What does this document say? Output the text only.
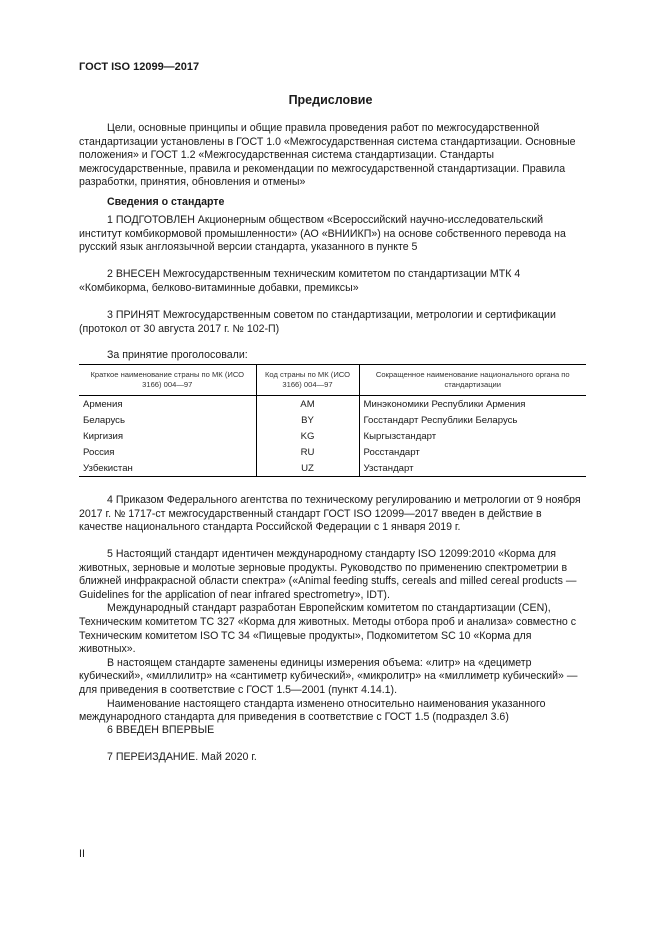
ГОСТ ISO 12099—2017
Предисловие

Цели, основные принципы и общие правила проведения работ по межгосударственной стандартизации установлены в ГОСТ 1.0 «Межгосударственная система стандартизации. Основные положения» и ГОСТ 1.2 «Межгосударственная система стандартизации. Стандарты межгосударственные, правила и рекомендации по межгосударственной стандартизации. Правила разработки, принятия, обновления и отмены»

Сведения о стандарте

1 ПОДГОТОВЛЕН Акционерным обществом «Всероссийский научно-исследовательский институт комбикормовой промышленности» (АО «ВНИИКП») на основе собственного перевода на русский язык англоязычной версии стандарта, указанного в пункте 5

2 ВНЕСЕН Межгосударственным техническим комитетом по стандартизации МТК 4 «Комбикорма, белково-витаминные добавки, премиксы»

3 ПРИНЯТ Межгосударственным советом по стандартизации, метрологии и сертификации (протокол от 30 августа 2017 г. № 102-П)

За принятие проголосовали:

Краткое наименование страны по МК (ИСО 3166) 004—97	Код страны по МК (ИСО 3166) 004—97	Сокращенное наименование национального органа по стандартизации
Армения	AM	Минэкономики Республики Армения
Беларусь	BY	Госстандарт Республики Беларусь
Киргизия	KG	Кыргызстандарт
Россия	RU	Росстандарт
Узбекистан	UZ	Узстандарт

4 Приказом Федерального агентства по техническому регулированию и метрологии от 9 ноября 2017 г. № 1717-ст межгосударственный стандарт ГОСТ ISO 12099—2017 введен в действие в качестве национального стандарта Российской Федерации с 1 января 2019 г.

5 Настоящий стандарт идентичен международному стандарту ISO 12099:2010 «Корма для животных, зерновые и молотые зерновые продукты. Руководство по применению спектрометрии в ближней инфракрасной области спектра» («Animal feeding stuffs, cereals and milled cereal products — Guidelines for the application of near infrared spectrometry», IDT).

Международный стандарт разработан Европейским комитетом по стандартизации (CEN), Техническим комитетом TC 327 «Корма для животных. Методы отбора проб и анализа» совместно с Техническим комитетом ISO TC 34 «Пищевые продукты», Подкомитетом SC 10 «Корма для животных».

В настоящем стандарте заменены единицы измерения объема: «литр» на «дециметр кубический», «миллилитр» на «сантиметр кубический», «микролитр» на «миллиметр кубический» — для приведения в соответствие с ГОСТ 1.5—2001 (пункт 4.14.1).

Наименование настоящего стандарта изменено относительно наименования указанного международного стандарта для приведения в соответствие с ГОСТ 1.5 (подраздел 3.6)

6 ВВЕДЕН ВПЕРВЫЕ

7 ПЕРЕИЗДАНИЕ. Май 2020 г.

II
